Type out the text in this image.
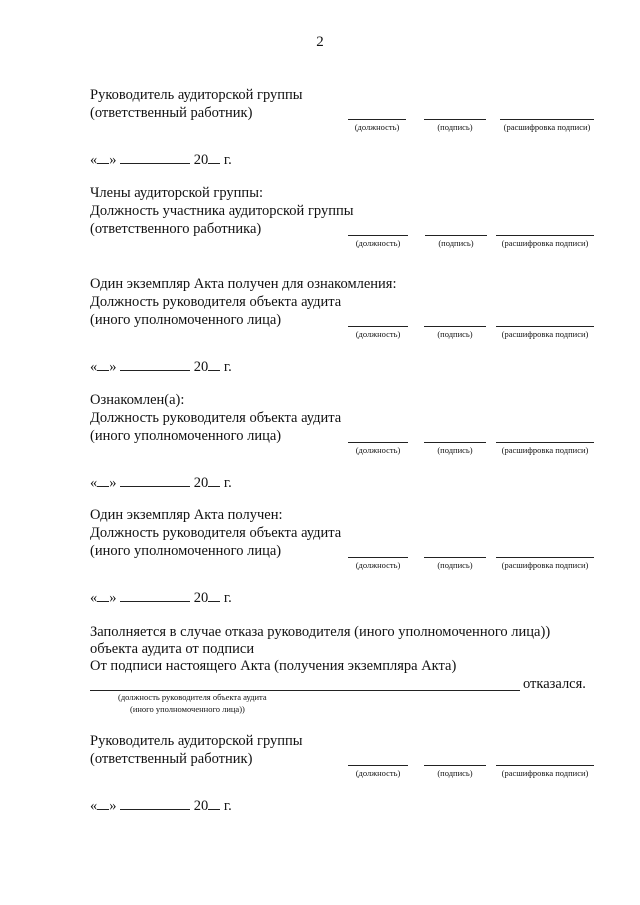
2
Руководитель аудиторской группы
(ответственный работник)
(должность)	(подпись)	(расшифровка подписи)
« »	20 г.
Члены аудиторской группы:
Должность участника аудиторской группы
(ответственного работника)
(должность)	(подпись)	(расшифровка подписи)
Один экземпляр Акта получен для ознакомления:
Должность руководителя объекта аудита
(иного уполномоченного лица)
(должность)	(подпись)	(расшифровка подписи)
« »	20 г.
Ознакомлен(а):
Должность руководителя объекта аудита
(иного уполномоченного лица)
(должность)	(подпись)	(расшифровка подписи)
« »	20 г.
Один экземпляр Акта получен:
Должность руководителя объекта аудита
(иного уполномоченного лица)
(должность)	(подпись)	(расшифровка подписи)
« »	20 г.
Заполняется в случае отказа руководителя (иного уполномоченного лица))
объекта аудита от подписи
От подписи настоящего Акта (получения экземпляра Акта)
отказался.
(должность руководителя объекта аудита
(иного уполномоченного лица))
Руководитель аудиторской группы
(ответственный работник)
(должность)	(подпись)	(расшифровка подписи)
« »	20 г.
